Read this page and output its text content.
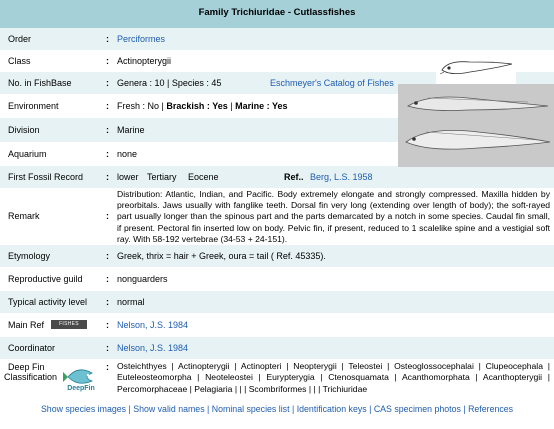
Family Trichiuridae - Cutlassfishes
Order	: Perciformes
Class	: Actinopterygii
No. in FishBase	: Genera : 10 | Species : 45	Eschmeyer's Catalog of Fishes
Environment	: Fresh : No | Brackish : Yes | Marine : Yes
Division	: Marine
Aquarium	: none
First Fossil Record	: lower Tertiary Eocene	Ref.. Berg, L.S. 1958
Remark	:
Distribution: Atlantic, Indian, and Pacific. Body extremely elongate and strongly compressed. Maxilla hidden by preorbitals. Jaws usually with fanglike teeth. Dorsal fin very long (extending over length of body); the soft-rayed part usually longer than the spinous part and the parts demarcated by a notch in some species. Caudal fin small, if present. Pectoral fin inserted low on body. Pelvic fin, if present, reduced to 1 scalelike spine and a vestigial soft ray. With 58-192 vertebrae (34-53 + 24-151).
Etymology	: Greek, thrix = hair + Greek, oura = tail ( Ref. 45335).
Reproductive guild	: nonguarders
Typical activity level : normal
Main Ref	FISHES WORLD
: Nelson, J.S. 1984
Coordinator	: Nelson, J.S. 1984
Deep Fin
Classification
DeepFin
: Osteichthyes | Actinopterygii | Actinopteri | Neopterygii | Teleostei | Osteoglossocephalai | Clupeocephala | Euteleosteomorpha | Neoteleostei | Eurypterygia | Ctenosquamata | Acanthomorphata | Acanthopterygii | Percomorphaceae | Pelagiaria | | | Scombriformes | | | Trichiuridae
Show species images | Show valid names | Nominal species list | Identification keys | CAS specimen photos | References
